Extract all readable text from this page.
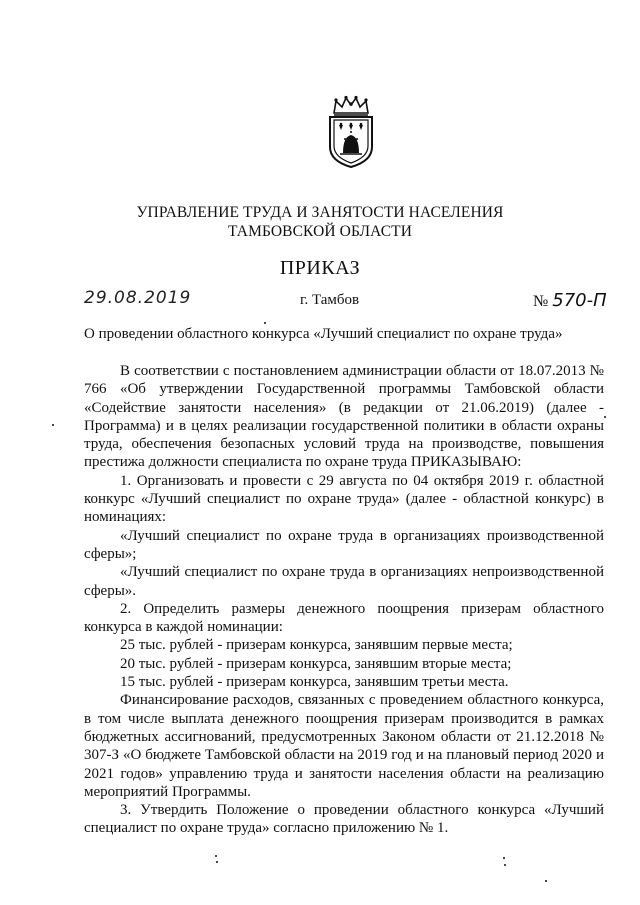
УПРАВЛЕНИЕ ТРУДА И ЗАНЯТОСТИ НАСЕЛЕНИЯ
ТАМБОВСКОЙ ОБЛАСТИ
ПРИКАЗ
29.08.2019	г. Тамбов	№ 570-П
О проведении областного конкурса «Лучший специалист по охране труда»

В соответствии с постановлением администрации области от 18.07.2013 № 766 «Об утверждении Государственной программы Тамбовской области «Содействие занятости населения» (в редакции от 21.06.2019) (далее - Программа) и в целях реализации государственной политики в области охраны труда, обеспечения безопасных условий труда на производстве, повышения престижа должности специалиста по охране труда ПРИКАЗЫВАЮ:

1. Организовать и провести с 29 августа по 04 октября 2019 г. областной конкурс «Лучший специалист по охране труда» (далее - областной конкурс) в номинациях:

«Лучший специалист по охране труда в организациях производственной сферы»;

«Лучший специалист по охране труда в организациях непроизводственной сферы».

2. Определить размеры денежного поощрения призерам областного конкурса в каждой номинации:

25 тыс. рублей - призерам конкурса, занявшим первые места;

20 тыс. рублей - призерам конкурса, занявшим вторые места;

15 тыс. рублей - призерам конкурса, занявшим третьи места.

Финансирование расходов, связанных с проведением областного конкурса, в том числе выплата денежного поощрения призерам производится в рамках бюджетных ассигнований, предусмотренных Законом области от 21.12.2018 № 307-З «О бюджете Тамбовской области на 2019 год и на плановый период 2020 и 2021 годов» управлению труда и занятости населения области на реализацию мероприятий Программы.

3. Утвердить Положение о проведении областного конкурса «Лучший специалист по охране труда» согласно приложению № 1.
